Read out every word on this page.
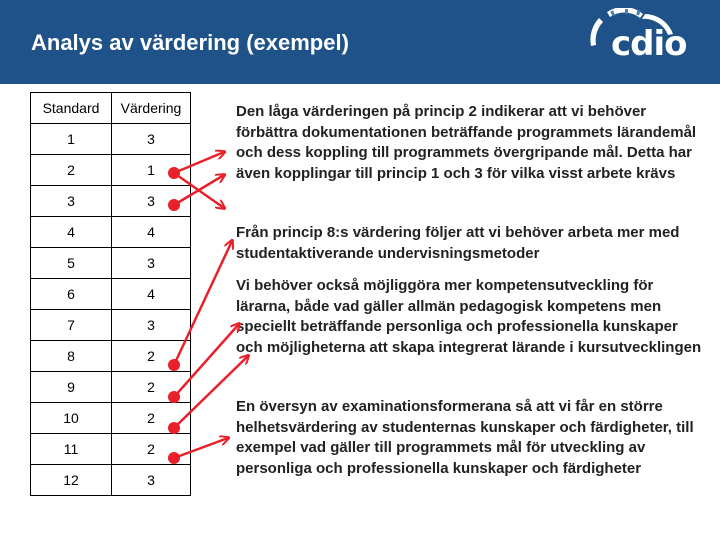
Analys av värdering (exempel)	cdio
Standard	Värdering
1	3
2	1
3	3
4	4
5	3
6	4
7	3
8	2
9	2
10	2
11	2
12	3
Den låga värderingen på princip 2 indikerar att vi behöver förbättra dokumentationen beträffande programmets lärandemål och dess koppling till programmets övergripande mål. Detta har även kopplingar till princip 1 och 3 för vilka visst arbete krävs
Från princip 8:s värdering följer att vi behöver arbeta mer med studentaktiverande undervisningsmetoder
Vi behöver också möjliggöra mer kompetensutveckling för lärarna, både vad gäller allmän pedagogisk kompetens men speciellt beträffande personliga och professionella kunskaper och möjligheterna att skapa integrerat lärande i kursutvecklingen
En översyn av examinationsformerana så att vi får en större helhetsvärdering av studenternas kunskaper och färdigheter, till exempel vad gäller till programmets mål för utveckling av personliga och professionella kunskaper och färdigheter
